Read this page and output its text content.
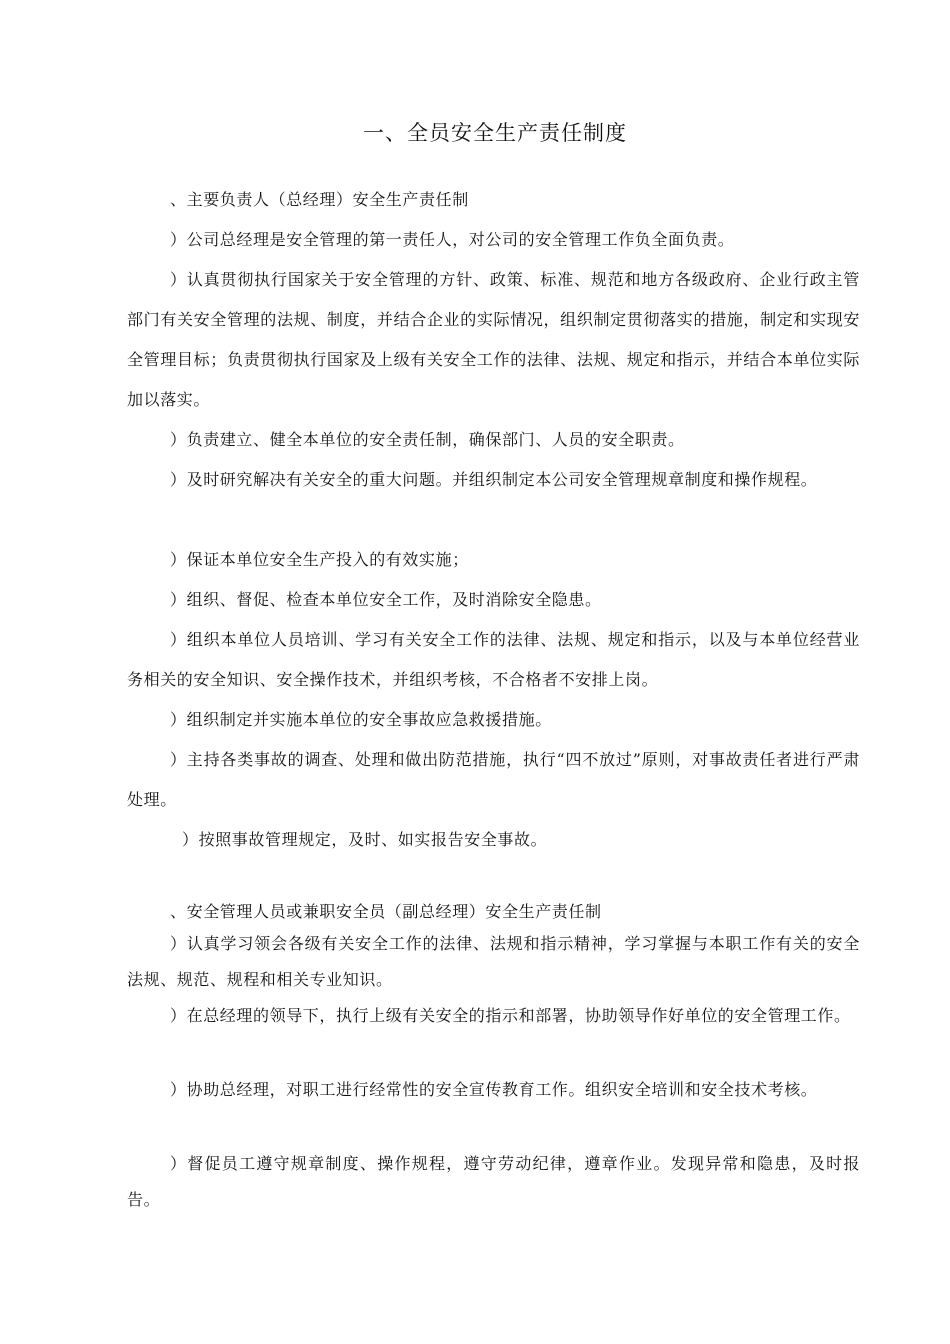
一、全员安全生产责任制度

、主要负责人（总经理）安全生产责任制

）公司总经理是安全管理的第一责任人，对公司的安全管理工作负全面负责。

）认真贯彻执行国家关于安全管理的方针、政策、标准、规范和地方各级政府、企业行政主管部门有关安全管理的法规、制度，并结合企业的实际情况，组织制定贯彻落实的措施，制定和实现安全管理目标；负责贯彻执行国家及上级有关安全工作的法律、法规、规定和指示，并结合本单位实际加以落实。

）负责建立、健全本单位的安全责任制，确保部门、人员的安全职责。

）及时研究解决有关安全的重大问题。并组织制定本公司安全管理规章制度和操作规程。

）保证本单位安全生产投入的有效实施；

）组织、督促、检查本单位安全工作，及时消除安全隐患。

）组织本单位人员培训、学习有关安全工作的法律、法规、规定和指示，以及与本单位经营业务相关的安全知识、安全操作技术，并组织考核，不合格者不安排上岗。

）组织制定并实施本单位的安全事故应急救援措施。

）主持各类事故的调查、处理和做出防范措施，执行“四不放过”原则，对事故责任者进行严肃处理。

）按照事故管理规定，及时、如实报告安全事故。

、安全管理人员或兼职安全员（副总经理）安全生产责任制

）认真学习领会各级有关安全工作的法律、法规和指示精神，学习掌握与本职工作有关的安全法规、规范、规程和相关专业知识。

）在总经理的领导下，执行上级有关安全的指示和部署，协助领导作好单位的安全管理工作。

）协助总经理，对职工进行经常性的安全宣传教育工作。组织安全培训和安全技术考核。

）督促员工遵守规章制度、操作规程，遵守劳动纪律，遵章作业。发现异常和隐患，及时报告。
